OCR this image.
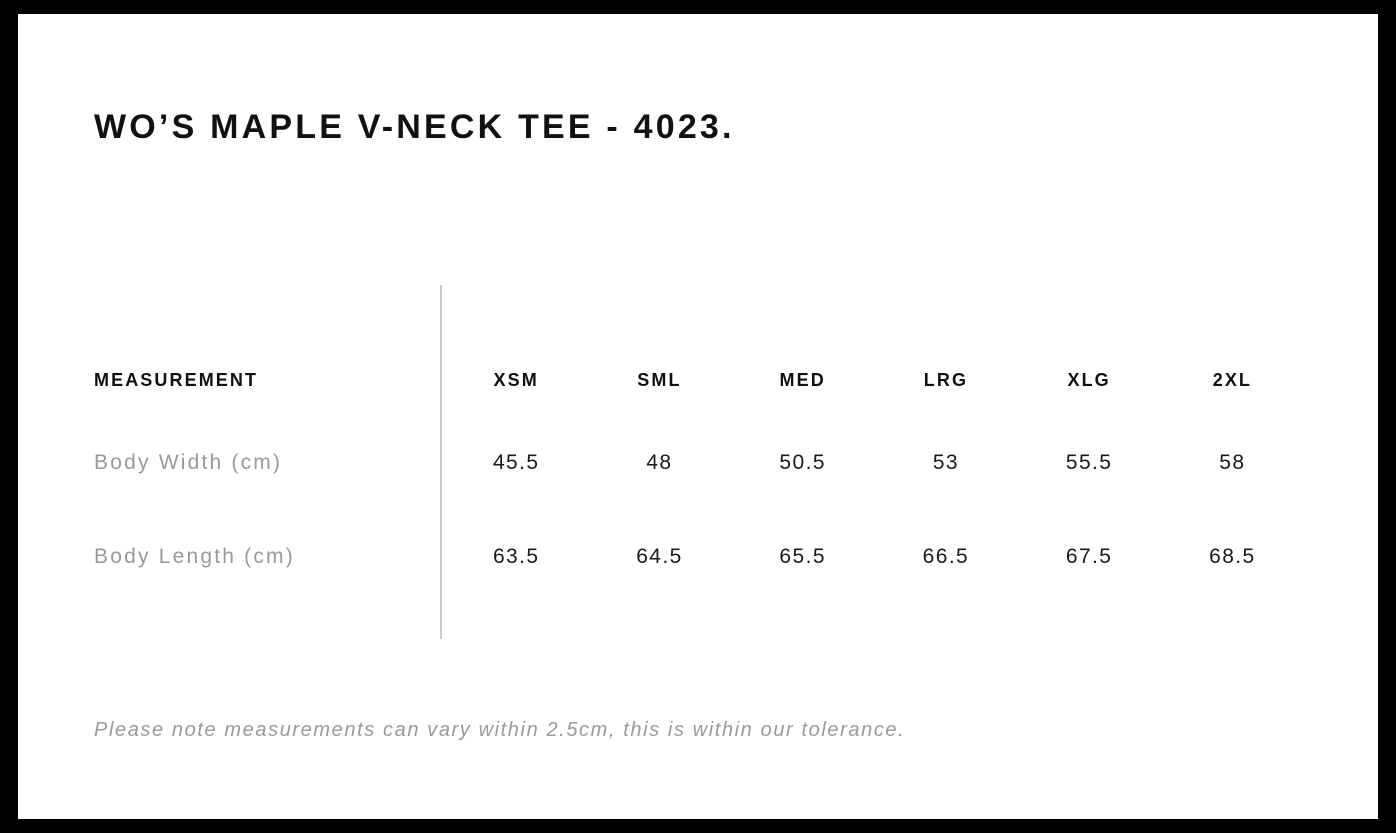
WO’S MAPLE V-NECK TEE - 4023.
MEASUREMENT	XSM	SML	MED	LRG	XLG	2XL
Body Width (cm)	45.5	48	50.5	53	55.5	58
Body Length (cm)	63.5	64.5	65.5	66.5	67.5	68.5
Please note measurements can vary within 2.5cm, this is within our tolerance.
